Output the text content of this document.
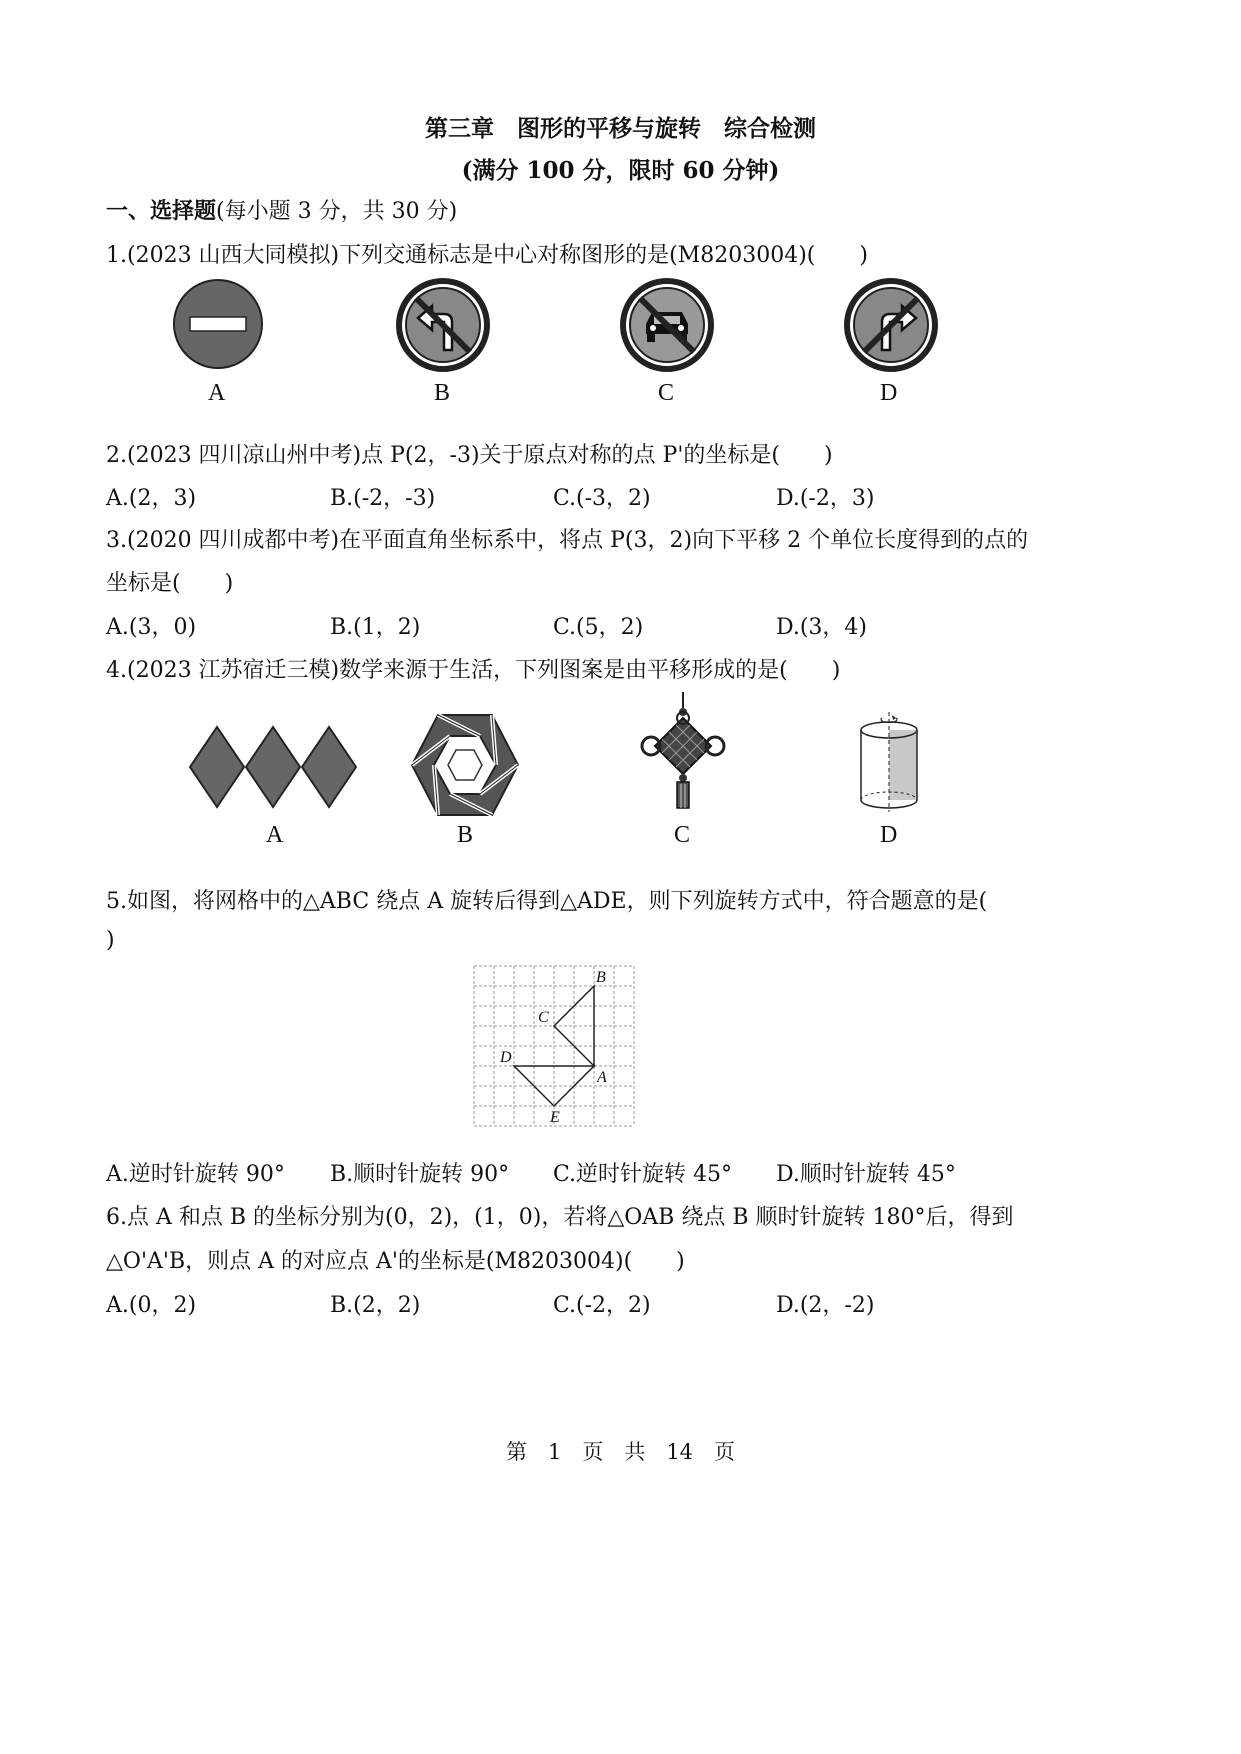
第三章　图形的平移与旋转　综合检测
(满分 100 分，限时 60 分钟)
一、选择题(每小题 3 分，共 30 分)
1.(2023 山西大同模拟)下列交通标志是中心对称图形的是(M8203004)(　　)
A	B	C	D
2.(2023 四川凉山州中考)点 P(2，-3)关于原点对称的点 P'的坐标是(　　)
A.(2，3)	B.(-2，-3)	C.(-3，2)	D.(-2，3)
3.(2020 四川成都中考)在平面直角坐标系中，将点 P(3，2)向下平移 2 个单位长度得到的点的
坐标是(　　)
A.(3，0)	B.(1，2)	C.(5，2)	D.(3，4)
4.(2023 江苏宿迁三模)数学来源于生活，下列图案是由平移形成的是(　　)
A	B	C	D
5.如图，将网格中的△ABC 绕点 A 旋转后得到△ADE，则下列旋转方式中，符合题意的是(
)
B
C
D
A
E
A.逆时针旋转 90° B.顺时针旋转 90° C.逆时针旋转 45° D.顺时针旋转 45°
6.点 A 和点 B 的坐标分别为(0，2)，(1，0)，若将△OAB 绕点 B 顺时针旋转 180°后，得到
△O'A'B，则点 A 的对应点 A'的坐标是(M8203004)(　　)
A.(0，2)	B.(2，2)	C.(-2，2)	D.(2，-2)
第　1　页　共　14　页
